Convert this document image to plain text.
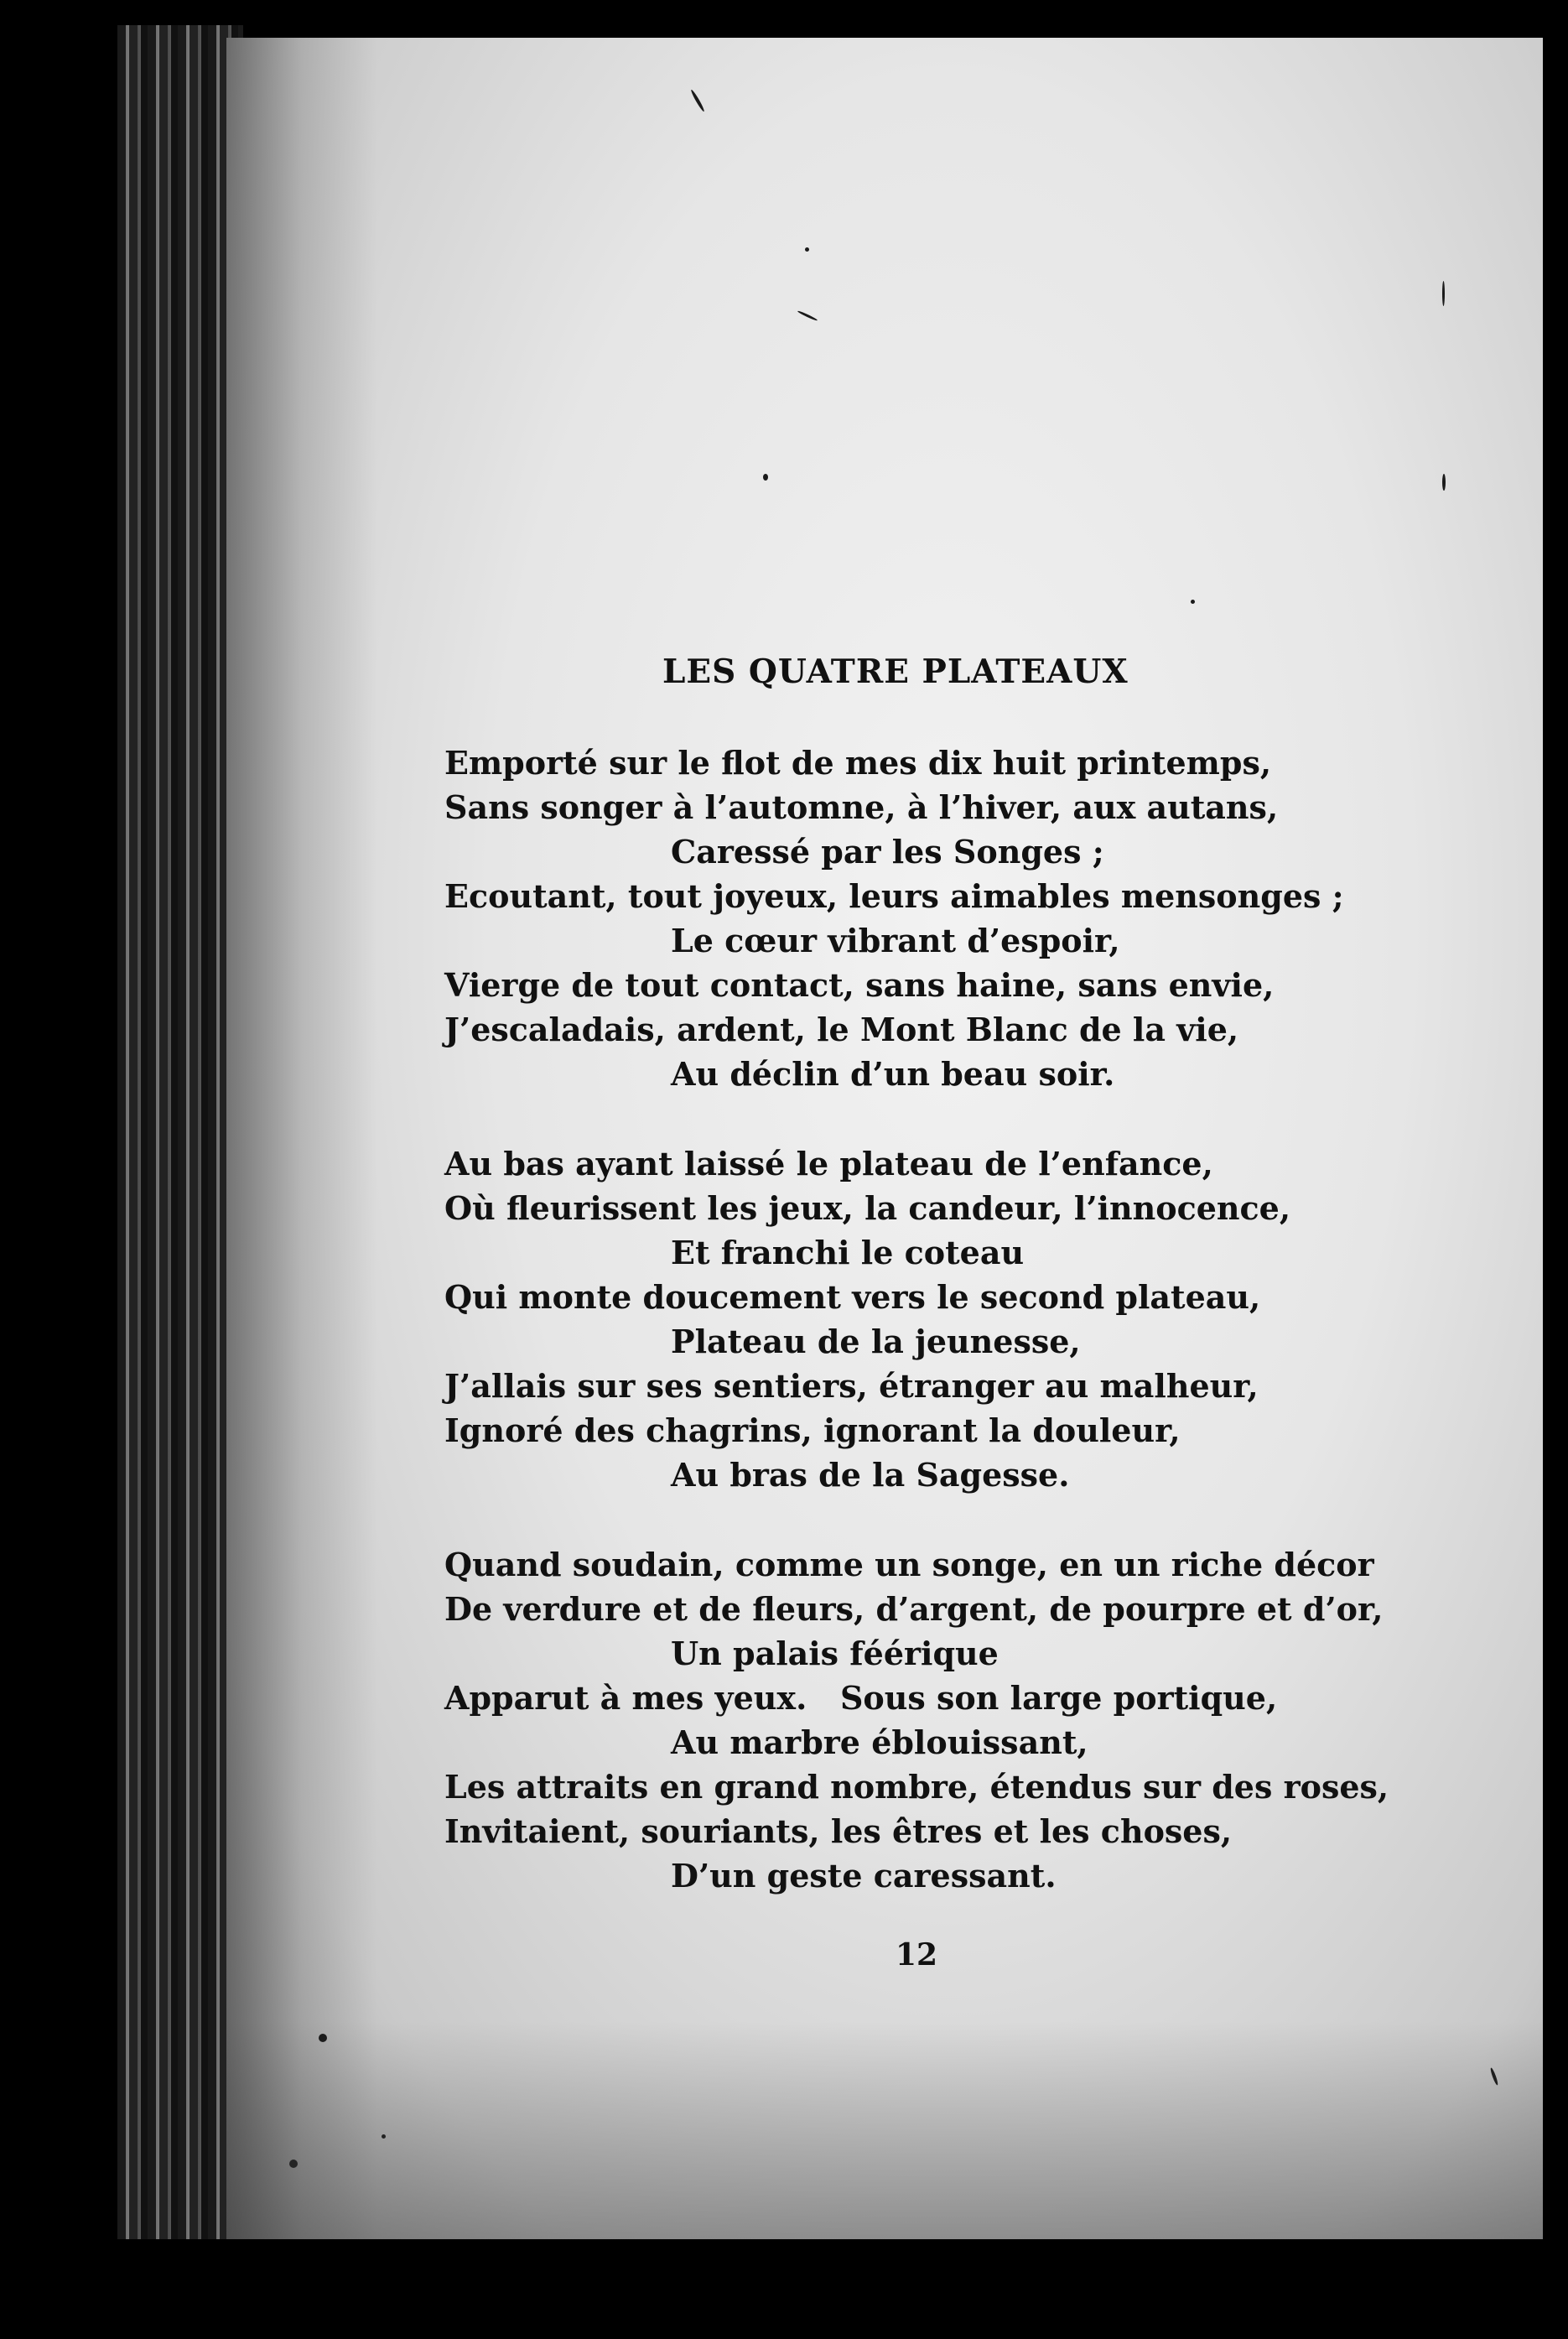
LES QUATRE PLATEAUX
Emporté sur le flot de mes dix huit printemps,
Sans songer à l’automne, à l’hiver, aux autans,
Caressé par les Songes ;
Ecoutant, tout joyeux, leurs aimables mensonges ;
Le cœur vibrant d’espoir,
Vierge de tout contact, sans haine, sans envie,
J’escaladais, ardent, le Mont Blanc de la vie,
Au déclin d’un beau soir.
Au bas ayant laissé le plateau de l’enfance,
Où fleurissent les jeux, la candeur, l’innocence,
Et franchi le coteau
Qui monte doucement vers le second plateau,
Plateau de la jeunesse,
J’allais sur ses sentiers, étranger au malheur,
Ignoré des chagrins, ignorant la douleur,
Au bras de la Sagesse.
Quand soudain, comme un songe, en un riche décor
De verdure et de fleurs, d’argent, de pourpre et d’or,
Un palais féérique
Apparut à mes yeux.   Sous son large portique,
Au marbre éblouissant,
Les attraits en grand nombre, étendus sur des roses,
Invitaient, souriants, les êtres et les choses,
D’un geste caressant.
12
